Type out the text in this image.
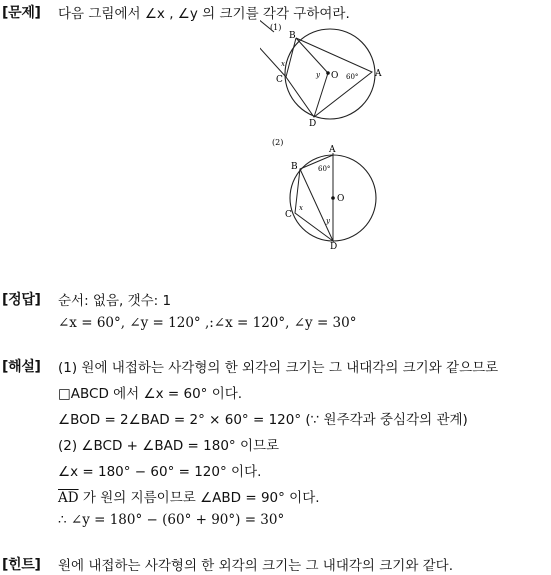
[문제] 다음 그림에서 ∠x , ∠y 의 크기를 각각 구하여라.
(1)
B
A
D
C	O
x
y	60°
(2)
A
B
C
D
O
x
y
60°
[정답] 순서: 없음, 갯수: 1
∠x = 60°, ∠y = 120° ,:∠x = 120°, ∠y = 30°
[해설] (1) 원에 내접하는 사각형의 한 외각의 크기는 그 내대각의 크기와 같으므로
□ABCD 에서 ∠x = 60° 이다.
∠BOD = 2∠BAD = 2° × 60° = 120° (∵ 원주각과 중심각의 관계)
(2) ∠BCD + ∠BAD = 180° 이므로
∠x = 180° − 60° = 120° 이다.
$\overline{AD}$ 가 원의 지름이므로 ∠ABD = 90° 이다.
∴ ∠y = 180° − (60° + 90°) = 30°
[힌트] 원에 내접하는 사각형의 한 외각의 크기는 그 내대각의 크기와 같다.
